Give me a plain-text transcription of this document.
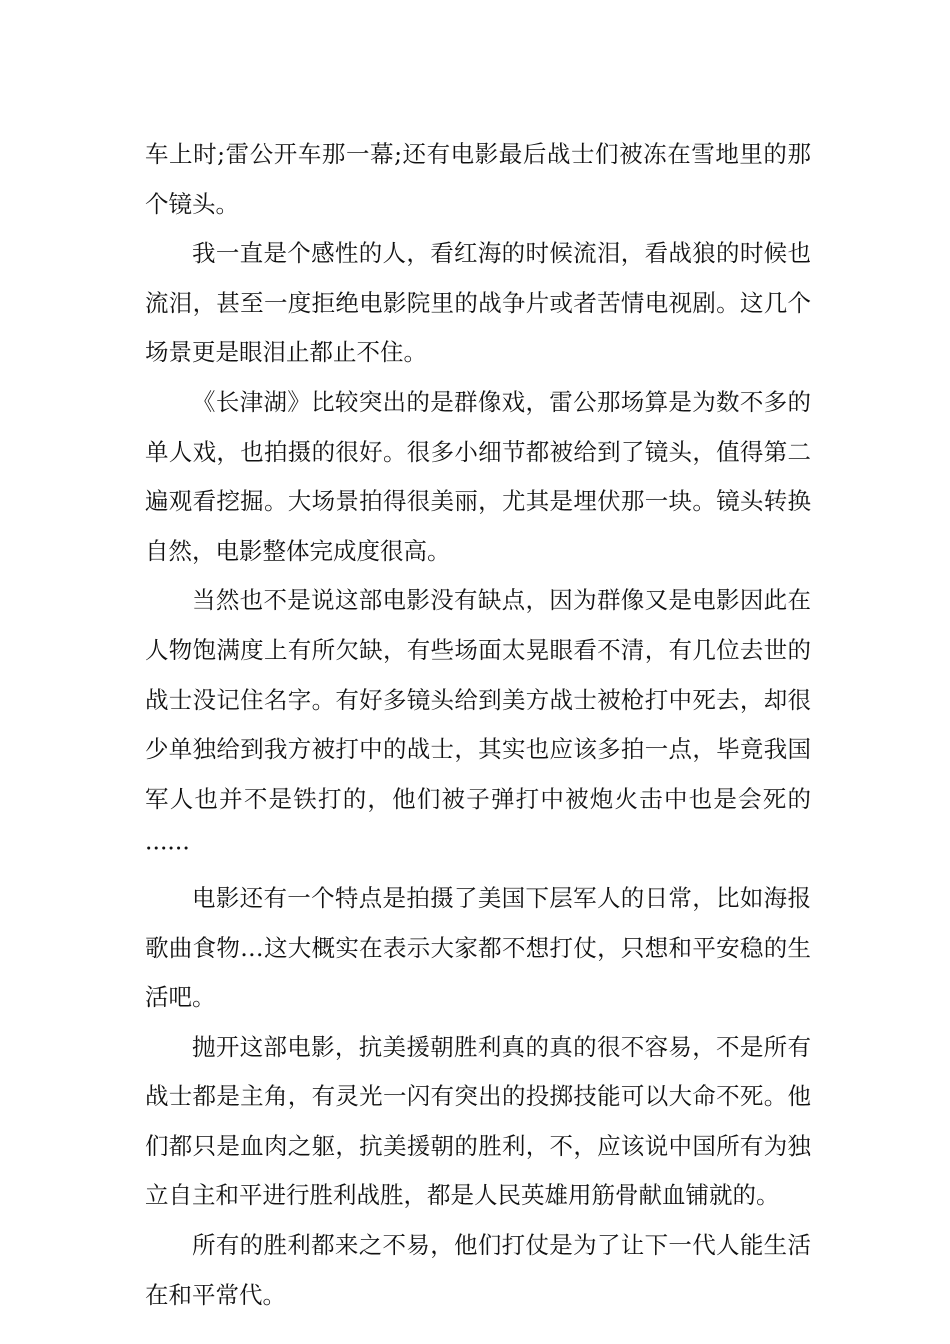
车上时;雷公开车那一幕;还有电影最后战士们被冻在雪地里的那个镜头。

我一直是个感性的人，看红海的时候流泪，看战狼的时候也流泪，甚至一度拒绝电影院里的战争片或者苦情电视剧。这几个场景更是眼泪止都止不住。

《长津湖》比较突出的是群像戏，雷公那场算是为数不多的单人戏，也拍摄的很好。很多小细节都被给到了镜头，值得第二遍观看挖掘。大场景拍得很美丽，尤其是埋伏那一块。镜头转换自然，电影整体完成度很高。

当然也不是说这部电影没有缺点，因为群像又是电影因此在人物饱满度上有所欠缺，有些场面太晃眼看不清，有几位去世的战士没记住名字。有好多镜头给到美方战士被枪打中死去，却很少单独给到我方被打中的战士，其实也应该多拍一点，毕竟我国军人也并不是铁打的，他们被子弹打中被炮火击中也是会死的······

电影还有一个特点是拍摄了美国下层军人的日常，比如海报歌曲食物…这大概实在表示大家都不想打仗，只想和平安稳的生活吧。

抛开这部电影，抗美援朝胜利真的真的很不容易，不是所有战士都是主角，有灵光一闪有突出的投掷技能可以大命不死。他们都只是血肉之躯，抗美援朝的胜利，不，应该说中国所有为独立自主和平进行胜利战胜，都是人民英雄用筋骨献血铺就的。

所有的胜利都来之不易，他们打仗是为了让下一代人能生活在和平常代。
